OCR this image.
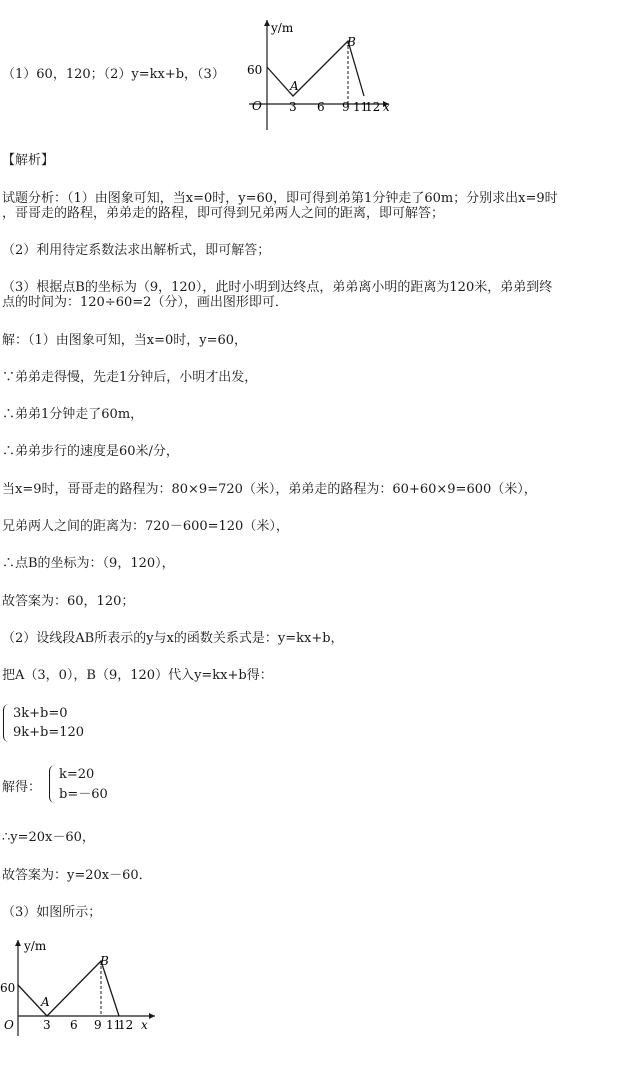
（1）60，120；（2）y=kx+b，（3）
y/m
60
O
A
B
3 6 9 11
12 x
【解析】
试题分析：（1）由图象可知，当x=0时，y=60，即可得到弟第1分钟走了60m；分别求出x=9时
，哥哥走的路程，弟弟走的路程，即可得到兄弟两人之间的距离，即可解答；
（2）利用待定系数法求出解析式，即可解答；
（3）根据点B的坐标为（9，120），此时小明到达终点，弟弟离小明的距离为120米，弟弟到终
点的时间为：120÷60=2（分），画出图形即可．
解：（1）由图象可知，当x=0时，y=60，
∵弟弟走得慢，先走1分钟后，小明才出发，
∴弟弟1分钟走了60m，
∴弟弟步行的速度是60米/分，
当x=9时，哥哥走的路程为：80×9=720（米），弟弟走的路程为：60+60×9=600（米），
兄弟两人之间的距离为：720－600=120（米），
∴点B的坐标为：（9，120），
故答案为：60，120；
（2）设线段AB所表示的y与x的函数关系式是：y=kx+b，
把A（3，0），B（9，120）代入y=kx+b得：
3k+b=0
9k+b=120
解得：
k=20
b=－60
∴y=20x－60，
故答案为：y=20x－60．
（3）如图所示；
y/m
60
O
A
B
3 6 9 11
12 x
